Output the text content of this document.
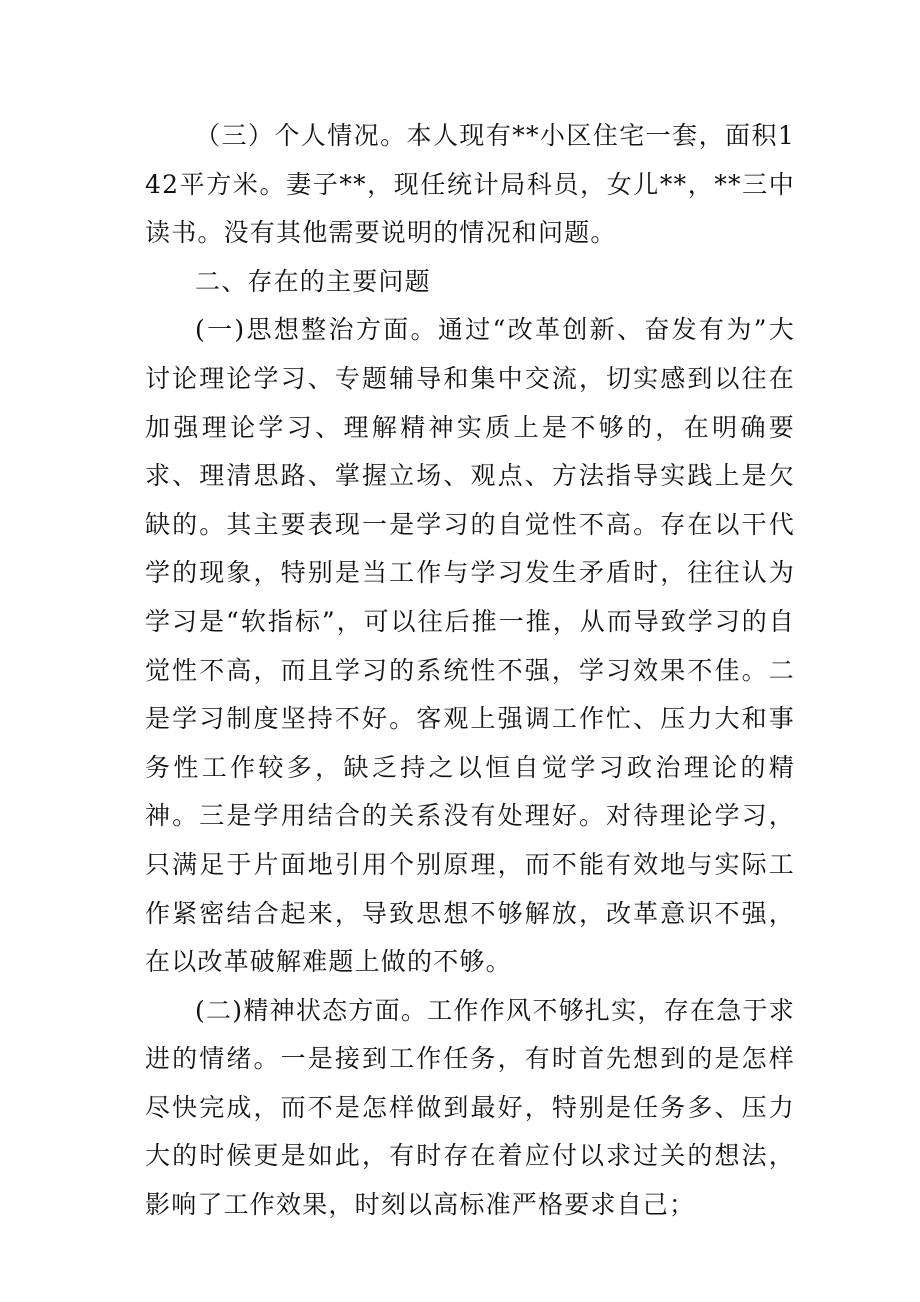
（三）个人情况。本人现有**小区住宅一套，面积142平方米。妻子**，现任统计局科员，女儿**，**三中读书。没有其他需要说明的情况和问题。

二、存在的主要问题

(一)思想整治方面。通过“改革创新、奋发有为”大讨论理论学习、专题辅导和集中交流，切实感到以往在加强理论学习、理解精神实质上是不够的，在明确要求、理清思路、掌握立场、观点、方法指导实践上是欠缺的。其主要表现一是学习的自觉性不高。存在以干代学的现象，特别是当工作与学习发生矛盾时，往往认为学习是“软指标”，可以往后推一推，从而导致学习的自觉性不高，而且学习的系统性不强，学习效果不佳。二是学习制度坚持不好。客观上强调工作忙、压力大和事务性工作较多，缺乏持之以恒自觉学习政治理论的精神。三是学用结合的关系没有处理好。对待理论学习，只满足于片面地引用个别原理，而不能有效地与实际工作紧密结合起来，导致思想不够解放，改革意识不强，在以改革破解难题上做的不够。

(二)精神状态方面。工作作风不够扎实，存在急于求进的情绪。一是接到工作任务，有时首先想到的是怎样尽快完成，而不是怎样做到最好，特别是任务多、压力大的时候更是如此，有时存在着应付以求过关的想法，影响了工作效果，时刻以高标准严格要求自己；
